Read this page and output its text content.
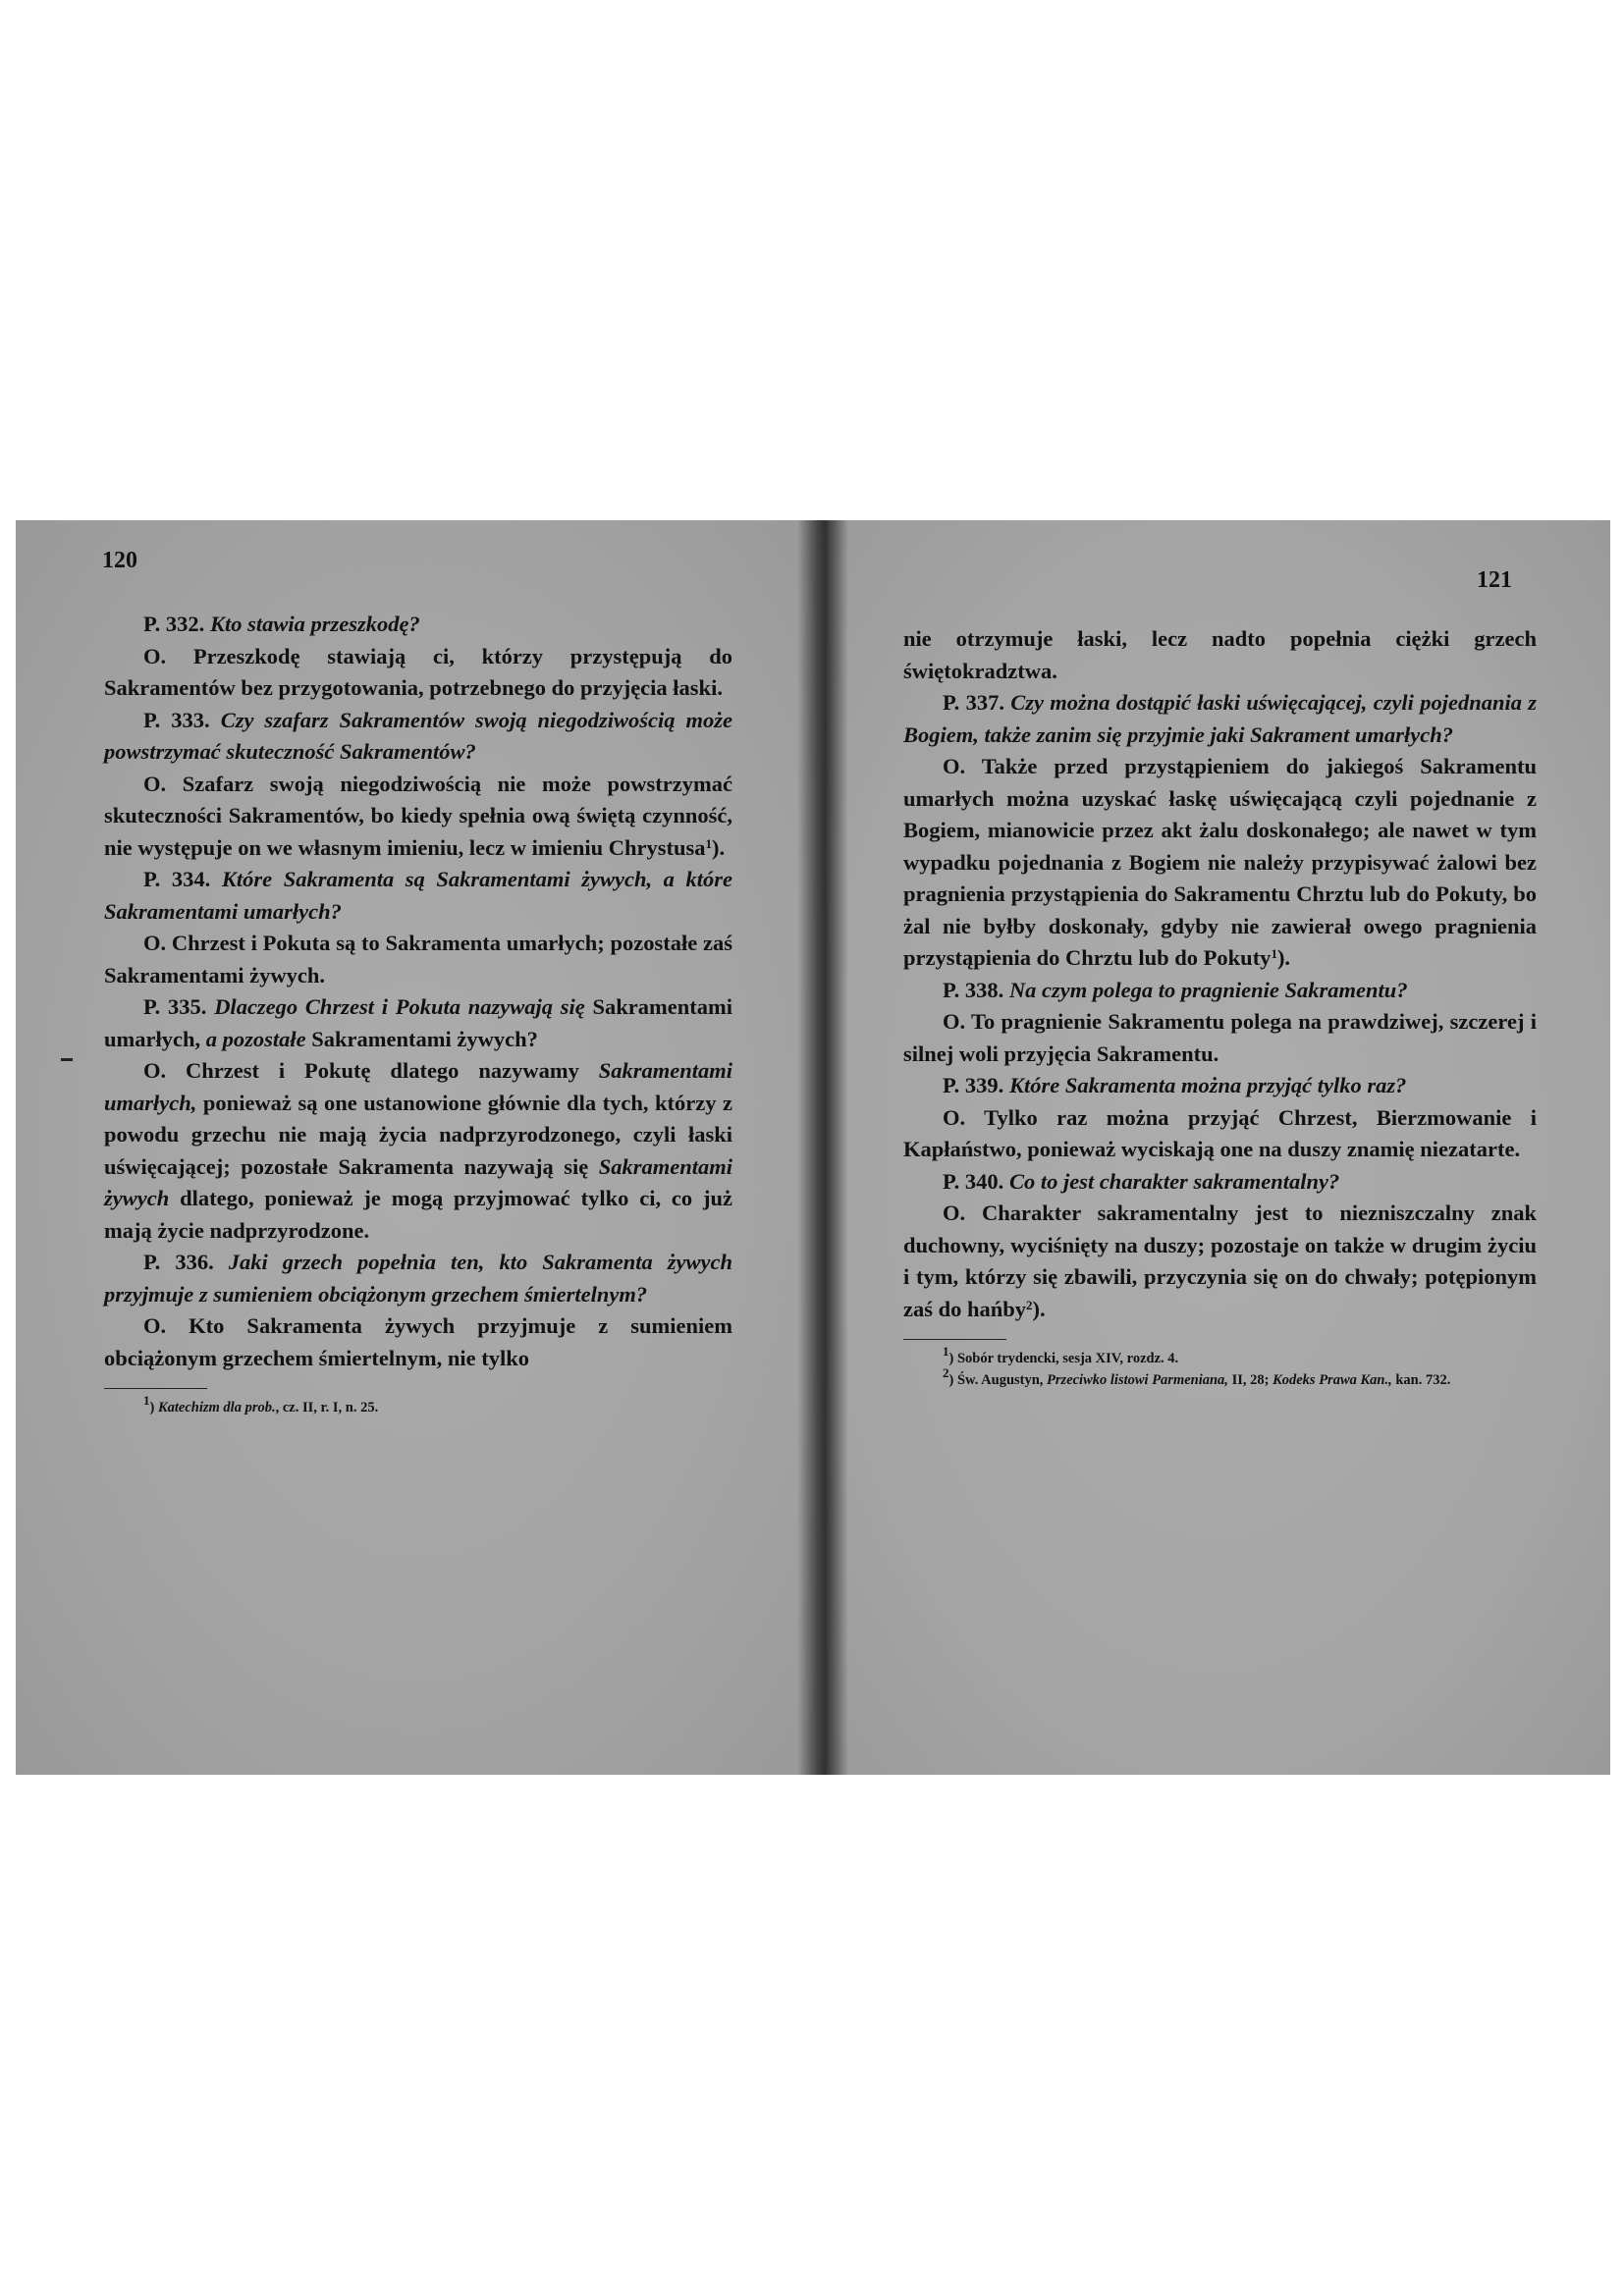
120

P. 332. Kto stawia przeszkodę?

O. Przeszkodę stawiają ci, którzy przystępują do Sakramentów bez przygotowania, potrzebnego do przyjęcia łaski.

P. 333. Czy szafarz Sakramentów swoją niegodziwością może powstrzymać skuteczność Sakramentów?

O. Szafarz swoją niegodziwością nie może powstrzymać skuteczności Sakramentów, bo kiedy spełnia ową świętą czynność, nie występuje on we własnym imieniu, lecz w imieniu Chrystusa$^1$).

P. 334. Które Sakramenta są Sakramentami żywych, a które Sakramentami umarłych?

O. Chrzest i Pokuta są to Sakramenta umarłych; pozostałe zaś Sakramentami żywych.

P. 335. Dlaczego Chrzest i Pokuta nazywają się Sakramentami umarłych, a pozostałe Sakramentami żywych?

O. Chrzest i Pokutę dlatego nazywamy Sakramentami umarłych, ponieważ są one ustanowione głównie dla tych, którzy z powodu grzechu nie mają życia nadprzyrodzonego, czyli łaski uświęcającej; pozostałe Sakramenta nazywają się Sakramentami żywych dlatego, ponieważ je mogą przyjmować tylko ci, co już mają życie nadprzyrodzone.

P. 336. Jaki grzech popełnia ten, kto Sakramenta żywych przyjmuje z sumieniem obciążonym grzechem śmiertelnym?

O. Kto Sakramenta żywych przyjmuje z sumieniem obciążonym grzechem śmiertelnym, nie tylko

$^1$) Katechizm dla prob., cz. II, r. I, n. 25.

121

nie otrzymuje łaski, lecz nadto popełnia ciężki grzech świętokradztwa.

P. 337. Czy można dostąpić łaski uświęcającej, czyli pojednania z Bogiem, także zanim się przyjmie jaki Sakrament umarłych?

O. Także przed przystąpieniem do jakiegoś Sakramentu umarłych można uzyskać łaskę uświęcającą czyli pojednanie z Bogiem, mianowicie przez akt żalu doskonałego; ale nawet w tym wypadku pojednania z Bogiem nie należy przypisywać żalowi bez pragnienia przystąpienia do Sakramentu Chrztu lub do Pokuty, bo żal nie byłby doskonały, gdyby nie zawierał owego pragnienia przystąpienia do Chrztu lub do Pokuty$^1$).

P. 338. Na czym polega to pragnienie Sakramentu?

O. To pragnienie Sakramentu polega na prawdziwej, szczerej i silnej woli przyjęcia Sakramentu.

P. 339. Które Sakramenta można przyjąć tylko raz?

O. Tylko raz można przyjąć Chrzest, Bierzmowanie i Kapłaństwo, ponieważ wyciskają one na duszy znamię niezatarte.

P. 340. Co to jest charakter sakramentalny?

O. Charakter sakramentalny jest to niezniszczalny znak duchowny, wyciśnięty na duszy; pozostaje on także w drugim życiu i tym, którzy się zbawili, przyczynia się on do chwały; potępionym zaś do hańby$^2$).

$^1$) Sobór trydencki, sesja XIV, rozdz. 4.

$^2$) Św. Augustyn, Przeciwko listowi Parmeniana, II, 28; Kodeks Prawa Kan., kan. 732.
